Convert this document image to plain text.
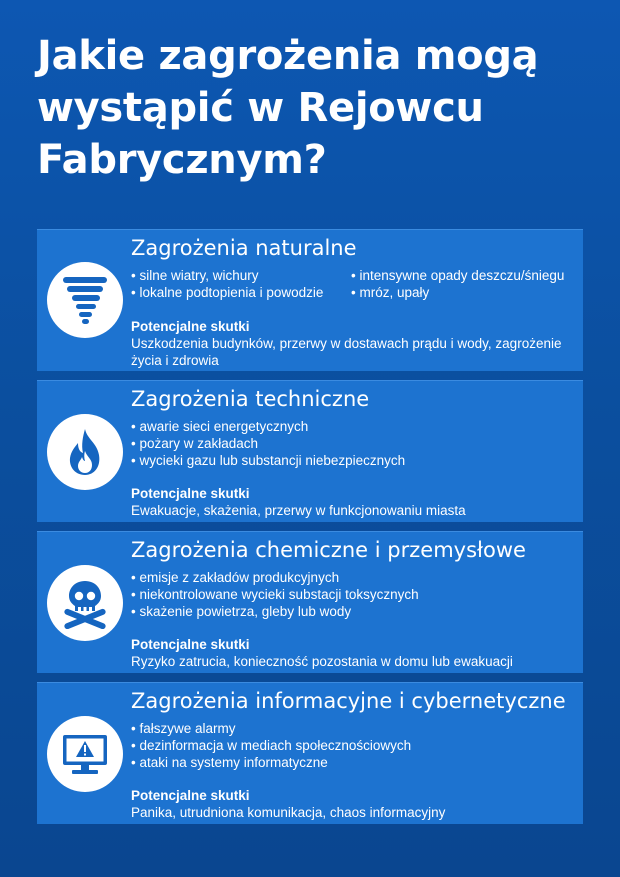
Jakie zagrożenia mogą wystąpić w Rejowcu Fabrycznym?
Zagrożenia naturalne
• silne wiatry, wichury
• lokalne podtopienia i powodzie
• intensywne opady deszczu/śniegu
• mróz, upały
Potencjalne skutki
Uszkodzenia budynków, przerwy w dostawach prądu i wody, zagrożenie życia i zdrowia
Zagrożenia techniczne
• awarie sieci energetycznych
• pożary w zakładach
• wycieki gazu lub substancji niebezpiecznych
Potencjalne skutki
Ewakuacje, skażenia, przerwy w funkcjonowaniu miasta
Zagrożenia chemiczne i przemysłowe
• emisje z zakładów produkcyjnych
• niekontrolowane wycieki substacji toksycznych
• skażenie powietrza, gleby lub wody
Potencjalne skutki
Ryzyko zatrucia, konieczność pozostania w domu lub ewakuacji
Zagrożenia informacyjne i cybernetyczne
• fałszywe alarmy
• dezinformacja w mediach społecznościowych
• ataki na systemy informatyczne
Potencjalne skutki
Panika, utrudniona komunikacja, chaos informacyjny
